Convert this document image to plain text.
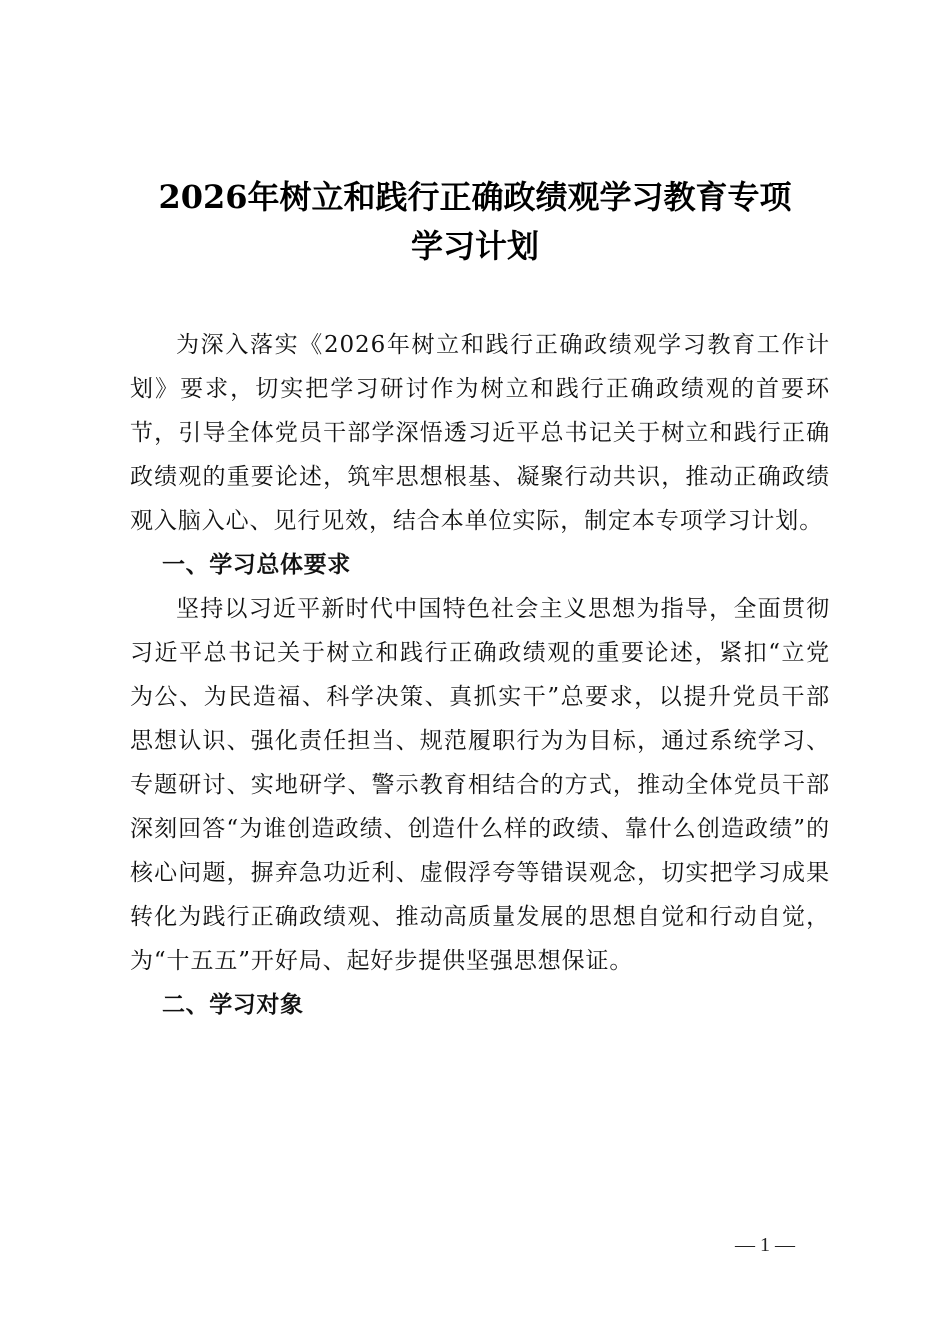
2026年树立和践行正确政绩观学习教育专项
学习计划

为深入落实《2026年树立和践行正确政绩观学习教育工作计划》要求，切实把学习研讨作为树立和践行正确政绩观的首要环节，引导全体党员干部学深悟透习近平总书记关于树立和践行正确政绩观的重要论述，筑牢思想根基、凝聚行动共识，推动正确政绩观入脑入心、见行见效，结合本单位实际，制定本专项学习计划。

一、学习总体要求

坚持以习近平新时代中国特色社会主义思想为指导，全面贯彻习近平总书记关于树立和践行正确政绩观的重要论述，紧扣“立党为公、为民造福、科学决策、真抓实干”总要求，以提升党员干部思想认识、强化责任担当、规范履职行为为目标，通过系统学习、专题研讨、实地研学、警示教育相结合的方式，推动全体党员干部深刻回答“为谁创造政绩、创造什么样的政绩、靠什么创造政绩”的核心问题，摒弃急功近利、虚假浮夸等错误观念，切实把学习成果转化为践行正确政绩观、推动高质量发展的思想自觉和行动自觉，为“十五五”开好局、起好步提供坚强思想保证。

二、学习对象

— 1 —
